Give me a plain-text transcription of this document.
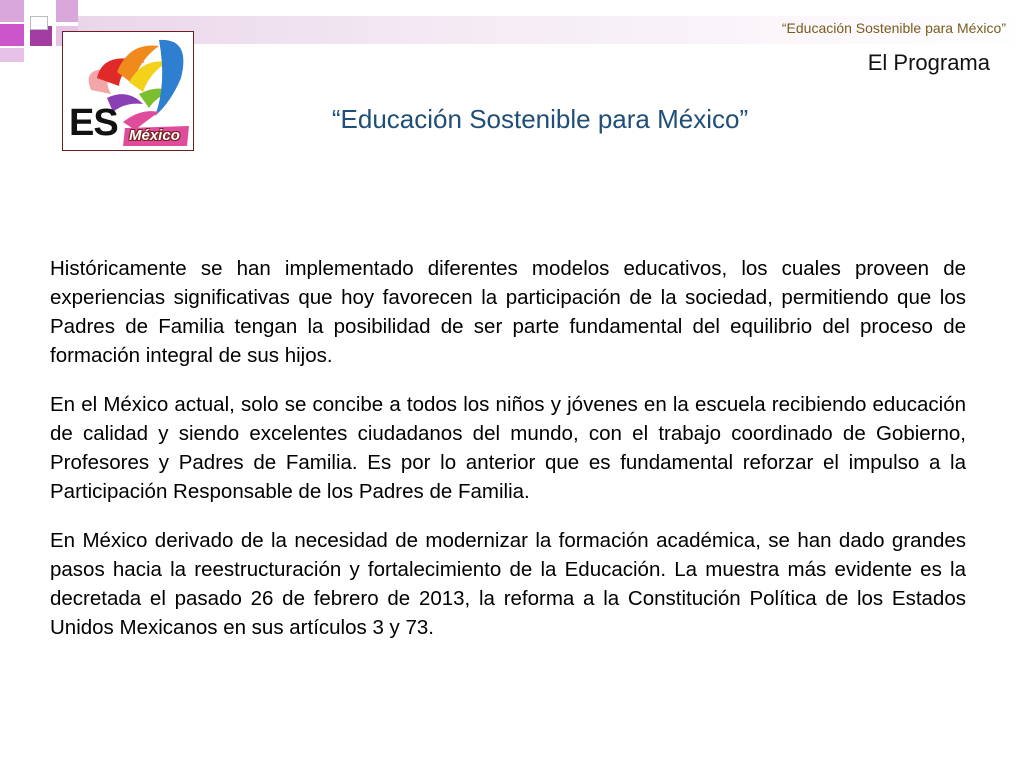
“Educación Sostenible para México”
El Programa
ES México
“Educación Sostenible para México”

Históricamente se han implementado diferentes modelos educativos, los cuales proveen de experiencias significativas que hoy favorecen la participación de la sociedad, permitiendo que los Padres de Familia tengan la posibilidad de ser parte fundamental del equilibrio del proceso de formación integral de sus hijos.

En el México actual, solo se concibe a todos los niños y jóvenes en la escuela recibiendo educación de calidad y siendo excelentes ciudadanos del mundo, con el trabajo coordinado de Gobierno, Profesores y Padres de Familia. Es por lo anterior que es fundamental reforzar el impulso a la Participación Responsable de los Padres de Familia.

En México derivado de la necesidad de modernizar la formación académica, se han dado grandes pasos hacia la reestructuración y fortalecimiento de la Educación. La muestra más evidente es la decretada el pasado 26 de febrero de 2013, la reforma a la Constitución Política de los Estados Unidos Mexicanos en sus artículos 3 y 73.
